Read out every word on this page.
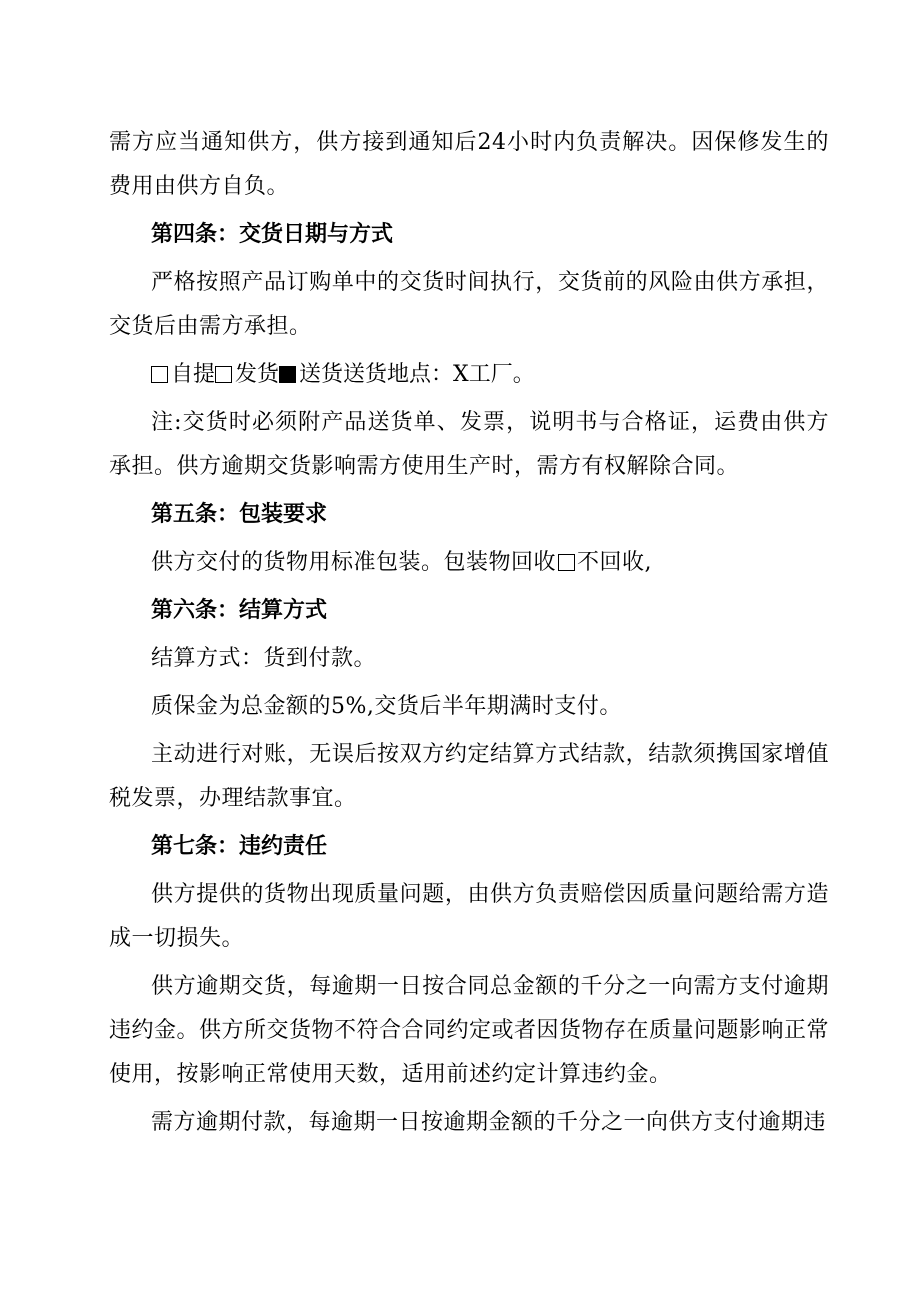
需方应当通知供方，供方接到通知后24小时内负责解决。因保修发生的费用由供方自负。

第四条：交货日期与方式

严格按照产品订购单中的交货时间执行，交货前的风险由供方承担，交货后由需方承担。

自提 发货 送货送货地点：X工厂。

注:交货时必须附产品送货单、发票，说明书与合格证，运费由供方承担。供方逾期交货影响需方使用生产时，需方有权解除合同。

第五条：包装要求

供方交付的货物用标准包装。包装物回收 不回收,

第六条：结算方式

结算方式：货到付款。

质保金为总金额的5%,交货后半年期满时支付。

主动进行对账，无误后按双方约定结算方式结款，结款须携国家增值税发票，办理结款事宜。

第七条：违约责任

供方提供的货物出现质量问题，由供方负责赔偿因质量问题给需方造成一切损失。

供方逾期交货，每逾期一日按合同总金额的千分之一向需方支付逾期违约金。供方所交货物不符合合同约定或者因货物存在质量问题影响正常使用，按影响正常使用天数，适用前述约定计算违约金。

需方逾期付款，每逾期一日按逾期金额的千分之一向供方支付逾期违
